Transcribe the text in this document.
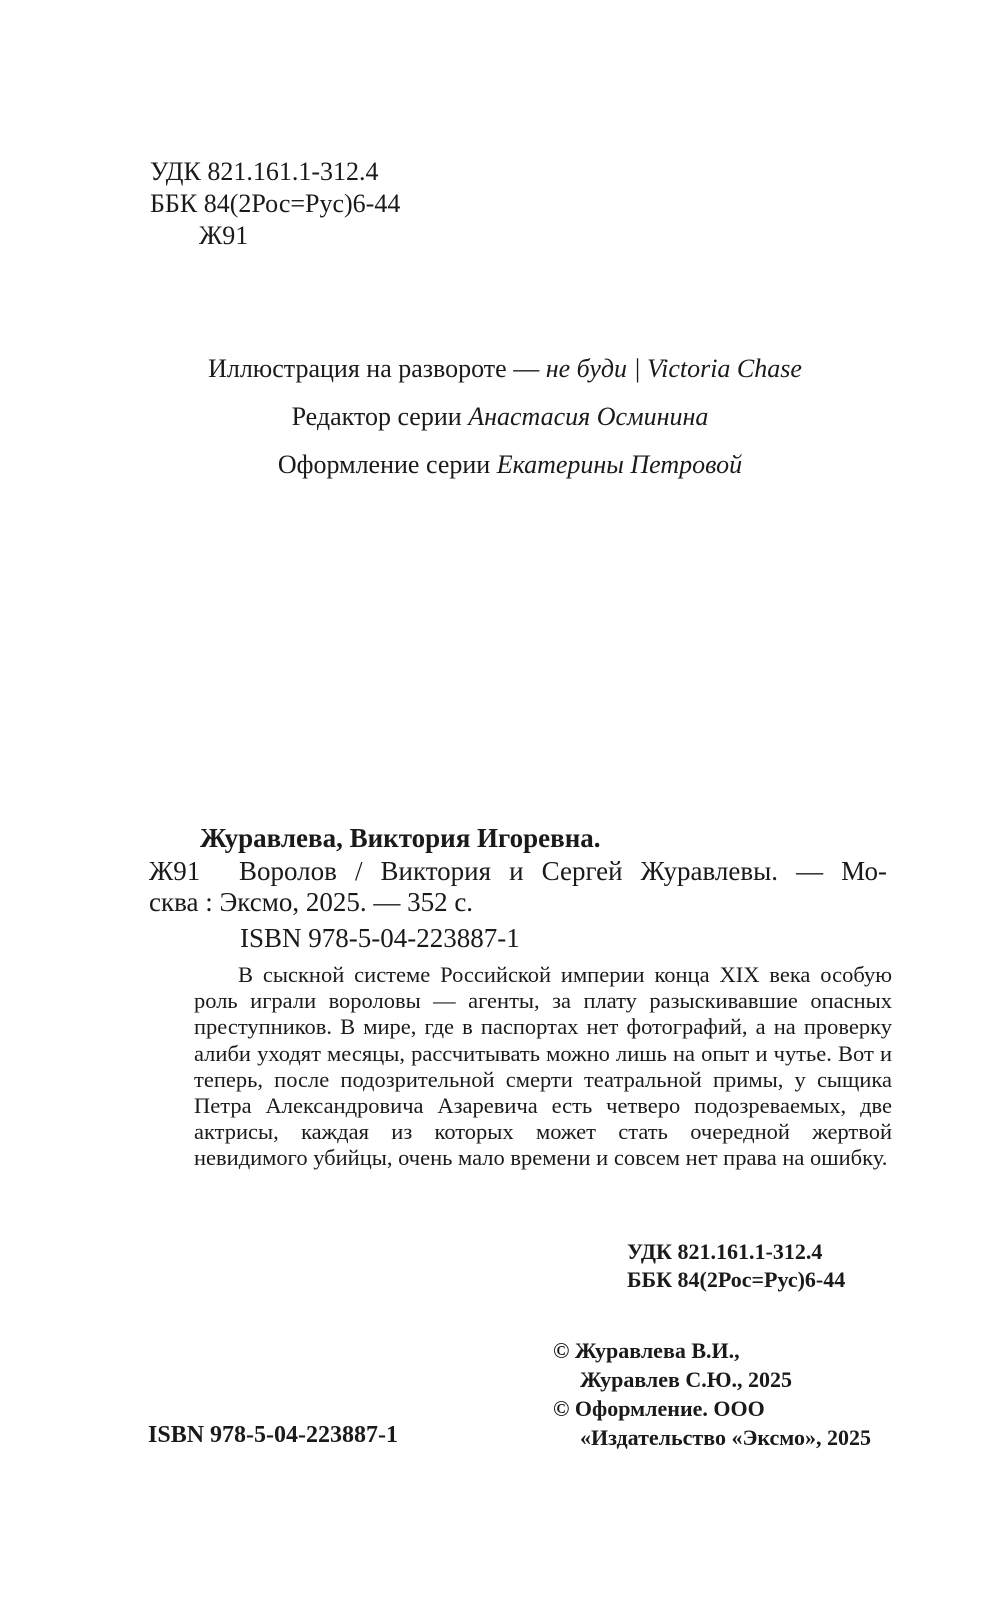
УДК 821.161.1-312.4
ББК 84(2Рос=Рус)6-44
Ж91
Иллюстрация на развороте — не буди | Victoria Chase
Редактор серии Анастасия Осминина
Оформление серии Екатерины Петровой
Журавлева, Виктория Игоревна.
Ж91 Воролов / Виктория и Сергей Журавлевы. — Мо-
сква : Эксмо, 2025. — 352 с.
ISBN 978-5-04-223887-1
В сыскной системе Российской империи конца XIX века особую роль играли вороловы — агенты, за плату разыскивавшие опасных преступников. В мире, где в паспортах нет фотографий, а на проверку алиби уходят месяцы, рассчитывать можно лишь на опыт и чутье. Вот и теперь, после подозрительной смерти театральной примы, у сыщика Петра Александровича Азаревича есть четверо подозреваемых, две актрисы, каждая из которых может стать очередной жертвой невидимого убийцы, очень мало времени и совсем нет права на ошибку.
УДК 821.161.1-312.4
ББК 84(2Рос=Рус)6-44
© Журавлева В.И.,
Журавлев С.Ю., 2025
© Оформление. ООО
«Издательство «Эксмо», 2025
ISBN 978-5-04-223887-1
